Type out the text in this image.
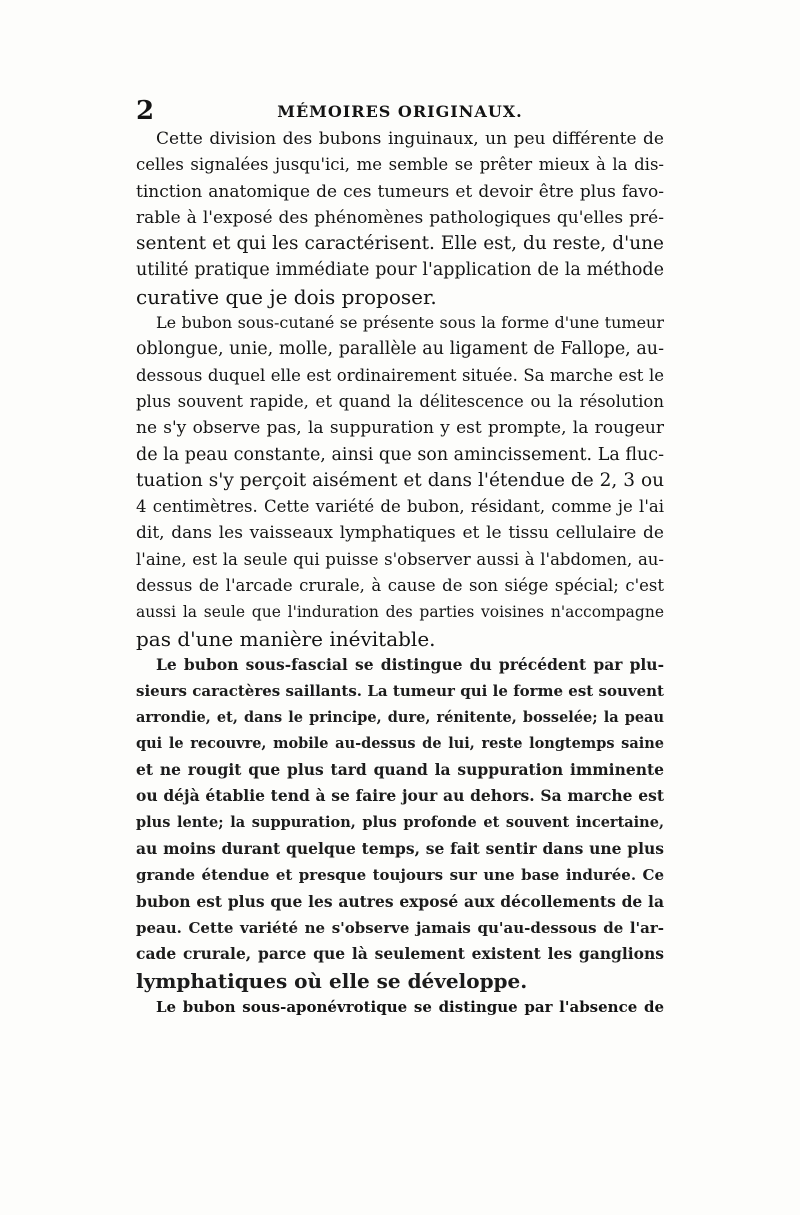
2	MÉMOIRES ORIGINAUX.
Cette division des bubons inguinaux, un peu différente de
celles signalées jusqu'ici, me semble se prêter mieux à la dis-
tinction anatomique de ces tumeurs et devoir être plus favo-
rable à l'exposé des phénomènes pathologiques qu'elles pré-
sentent et qui les caractérisent. Elle est, du reste, d'une
utilité pratique immédiate pour l'application de la méthode
curative que je dois proposer.
Le bubon sous-cutané se présente sous la forme d'une tumeur
oblongue, unie, molle, parallèle au ligament de Fallope, au-
dessous duquel elle est ordinairement située. Sa marche est le
plus souvent rapide, et quand la délitescence ou la résolution
ne s'y observe pas, la suppuration y est prompte, la rougeur
de la peau constante, ainsi que son amincissement. La fluc-
tuation s'y perçoit aisément et dans l'étendue de 2, 3 ou
4 centimètres. Cette variété de bubon, résidant, comme je l'ai
dit, dans les vaisseaux lymphatiques et le tissu cellulaire de
l'aine, est la seule qui puisse s'observer aussi à l'abdomen, au-
dessus de l'arcade crurale, à cause de son siége spécial; c'est
aussi la seule que l'induration des parties voisines n'accompagne
pas d'une manière inévitable.
Le bubon sous-fascial se distingue du précédent par plu-
sieurs caractères saillants. La tumeur qui le forme est souvent
arrondie, et, dans le principe, dure, rénitente, bosselée; la peau
qui le recouvre, mobile au-dessus de lui, reste longtemps saine
et ne rougit que plus tard quand la suppuration imminente
ou déjà établie tend à se faire jour au dehors. Sa marche est
plus lente; la suppuration, plus profonde et souvent incertaine,
au moins durant quelque temps, se fait sentir dans une plus
grande étendue et presque toujours sur une base indurée. Ce
bubon est plus que les autres exposé aux décollements de la
peau. Cette variété ne s'observe jamais qu'au-dessous de l'ar-
cade crurale, parce que là seulement existent les ganglions
lymphatiques où elle se développe.
Le bubon sous-aponévrotique se distingue par l'absence de
